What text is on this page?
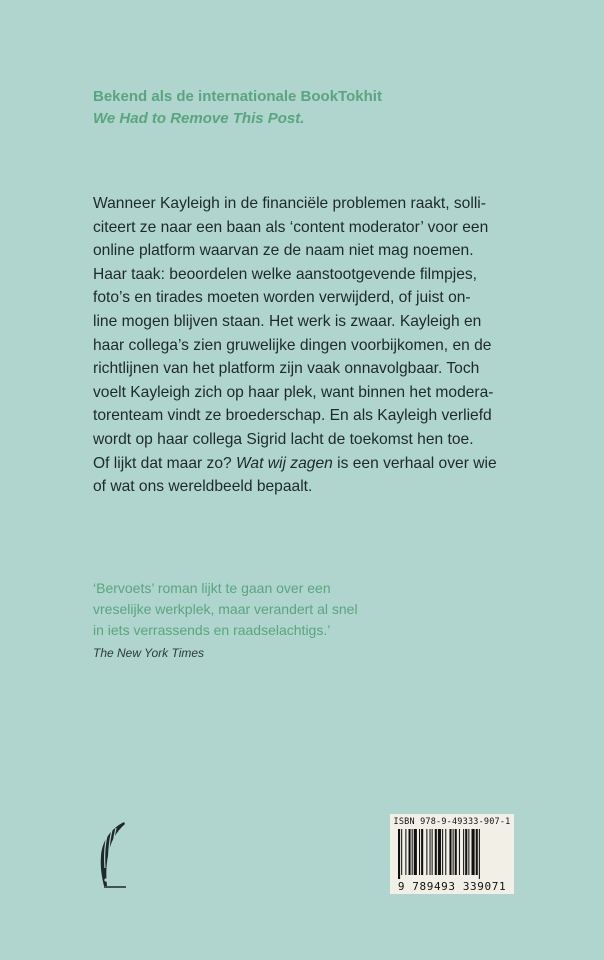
Bekend als de internationale BookTokhit
We Had to Remove This Post.
Wanneer Kayleigh in de financiële problemen raakt, solli-
citeert ze naar een baan als ‘content moderator’ voor een
online platform waarvan ze de naam niet mag noemen.
Haar taak: beoordelen welke aanstootgevende filmpjes,
foto’s en tirades moeten worden verwijderd, of juist on-
line mogen blijven staan. Het werk is zwaar. Kayleigh en
haar collega’s zien gruwelijke dingen voorbijkomen, en de
richtlijnen van het platform zijn vaak onnavolgbaar. Toch
voelt Kayleigh zich op haar plek, want binnen het modera-
torenteam vindt ze broederschap. En als Kayleigh verliefd
wordt op haar collega Sigrid lacht de toekomst hen toe.
Of lijkt dat maar zo? Wat wij zagen is een verhaal over wie
of wat ons wereldbeeld bepaalt.
‘Bervoets’ roman lijkt te gaan over een
vreselijke werkplek, maar verandert al snel
in iets verrassends en raadselachtigs.’
The New York Times
ISBN 978-9-49333-907-1
9 789493 339071
